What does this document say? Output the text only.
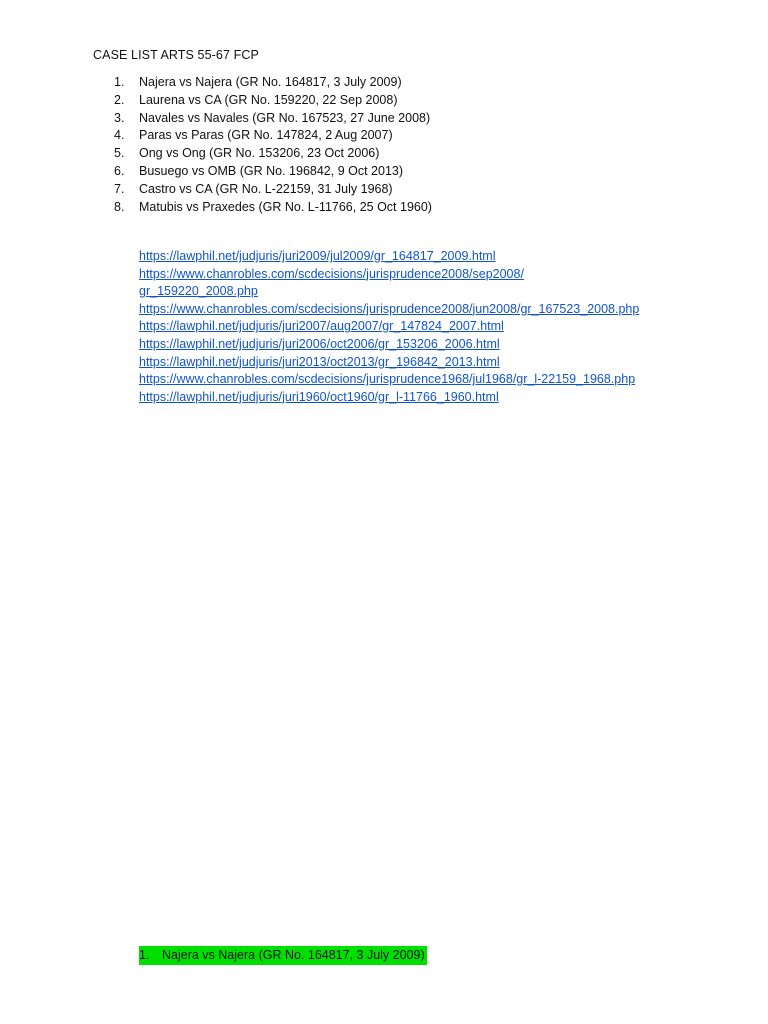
CASE LIST ARTS 55-67 FCP
1.	Najera vs Najera (GR No. 164817, 3 July 2009)
2.	Laurena vs CA (GR No. 159220, 22 Sep 2008)
3.	Navales vs Navales (GR No. 167523, 27 June 2008)
4.	Paras vs Paras (GR No. 147824, 2 Aug 2007)
5.	Ong vs Ong (GR No. 153206, 23 Oct 2006)
6.	Busuego vs OMB (GR No. 196842, 9 Oct 2013)
7.	Castro vs CA (GR No. L-22159, 31 July 1968)
8.	Matubis vs Praxedes (GR No. L-11766, 25 Oct 1960)
https://lawphil.net/judjuris/juri2009/jul2009/gr_164817_2009.html
https://www.chanrobles.com/scdecisions/jurisprudence2008/sep2008/
gr_159220_2008.php
https://www.chanrobles.com/scdecisions/jurisprudence2008/jun2008/gr_167523_2008.php
https://lawphil.net/judjuris/juri2007/aug2007/gr_147824_2007.html
https://lawphil.net/judjuris/juri2006/oct2006/gr_153206_2006.html
https://lawphil.net/judjuris/juri2013/oct2013/gr_196842_2013.html
https://www.chanrobles.com/scdecisions/jurisprudence1968/jul1968/gr_l-22159_1968.php
https://lawphil.net/judjuris/juri1960/oct1960/gr_l-11766_1960.html
1.	Najera vs Najera (GR No. 164817, 3 July 2009)
